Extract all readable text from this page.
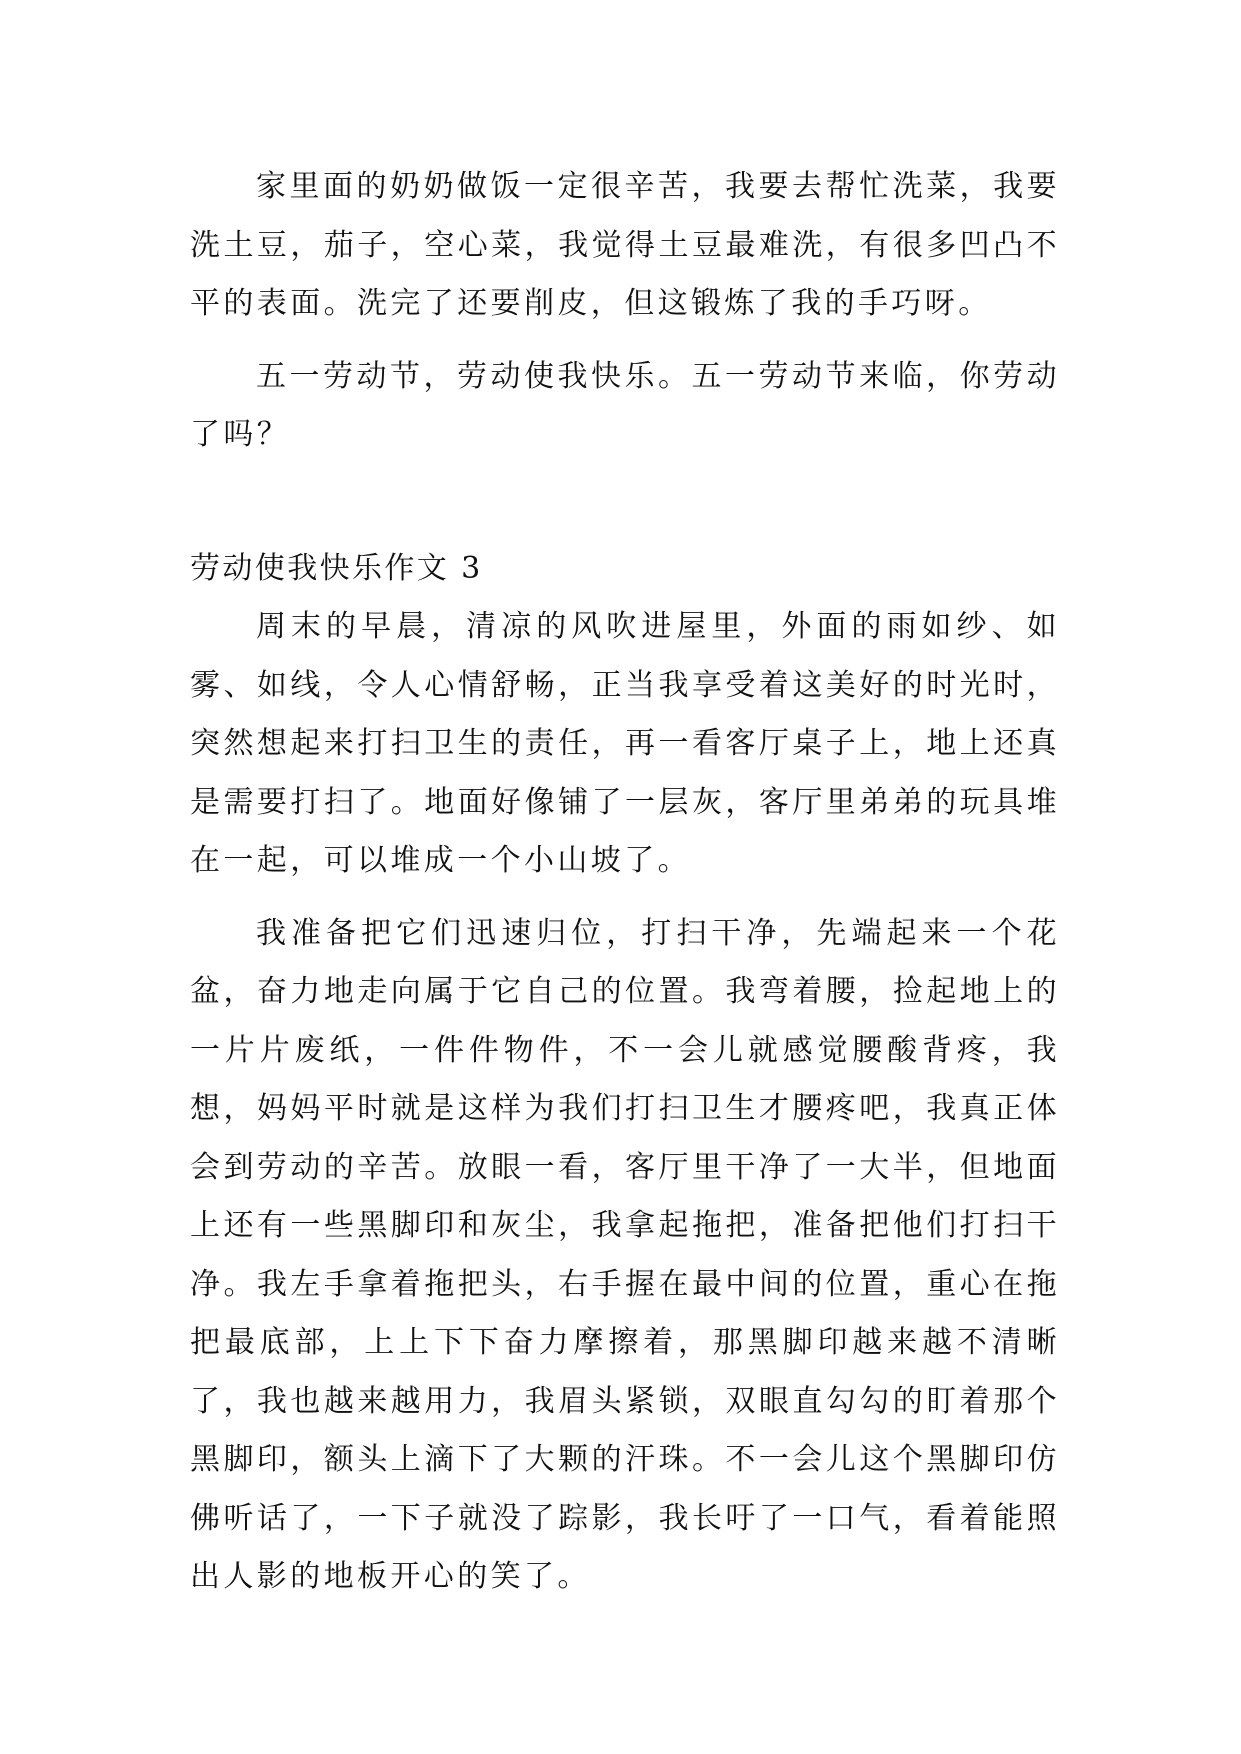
家里面的奶奶做饭一定很辛苦，我要去帮忙洗菜，我要洗土豆，茄子，空心菜，我觉得土豆最难洗，有很多凹凸不平的表面。洗完了还要削皮，但这锻炼了我的手巧呀。

五一劳动节，劳动使我快乐。五一劳动节来临，你劳动了吗？

劳动使我快乐作文 3

周末的早晨，清凉的风吹进屋里，外面的雨如纱、如雾、如线，令人心情舒畅，正当我享受着这美好的时光时，突然想起来打扫卫生的责任，再一看客厅桌子上，地上还真是需要打扫了。地面好像铺了一层灰，客厅里弟弟的玩具堆在一起，可以堆成一个小山坡了。

我准备把它们迅速归位，打扫干净，先端起来一个花盆，奋力地走向属于它自己的位置。我弯着腰，捡起地上的一片片废纸，一件件物件，不一会儿就感觉腰酸背疼，我想，妈妈平时就是这样为我们打扫卫生才腰疼吧，我真正体会到劳动的辛苦。放眼一看，客厅里干净了一大半，但地面上还有一些黑脚印和灰尘，我拿起拖把，准备把他们打扫干净。我左手拿着拖把头，右手握在最中间的位置，重心在拖把最底部，上上下下奋力摩擦着，那黑脚印越来越不清晰了，我也越来越用力，我眉头紧锁，双眼直勾勾的盯着那个黑脚印，额头上滴下了大颗的汗珠。不一会儿这个黑脚印仿佛听话了，一下子就没了踪影，我长吁了一口气，看着能照出人影的地板开心的笑了。
